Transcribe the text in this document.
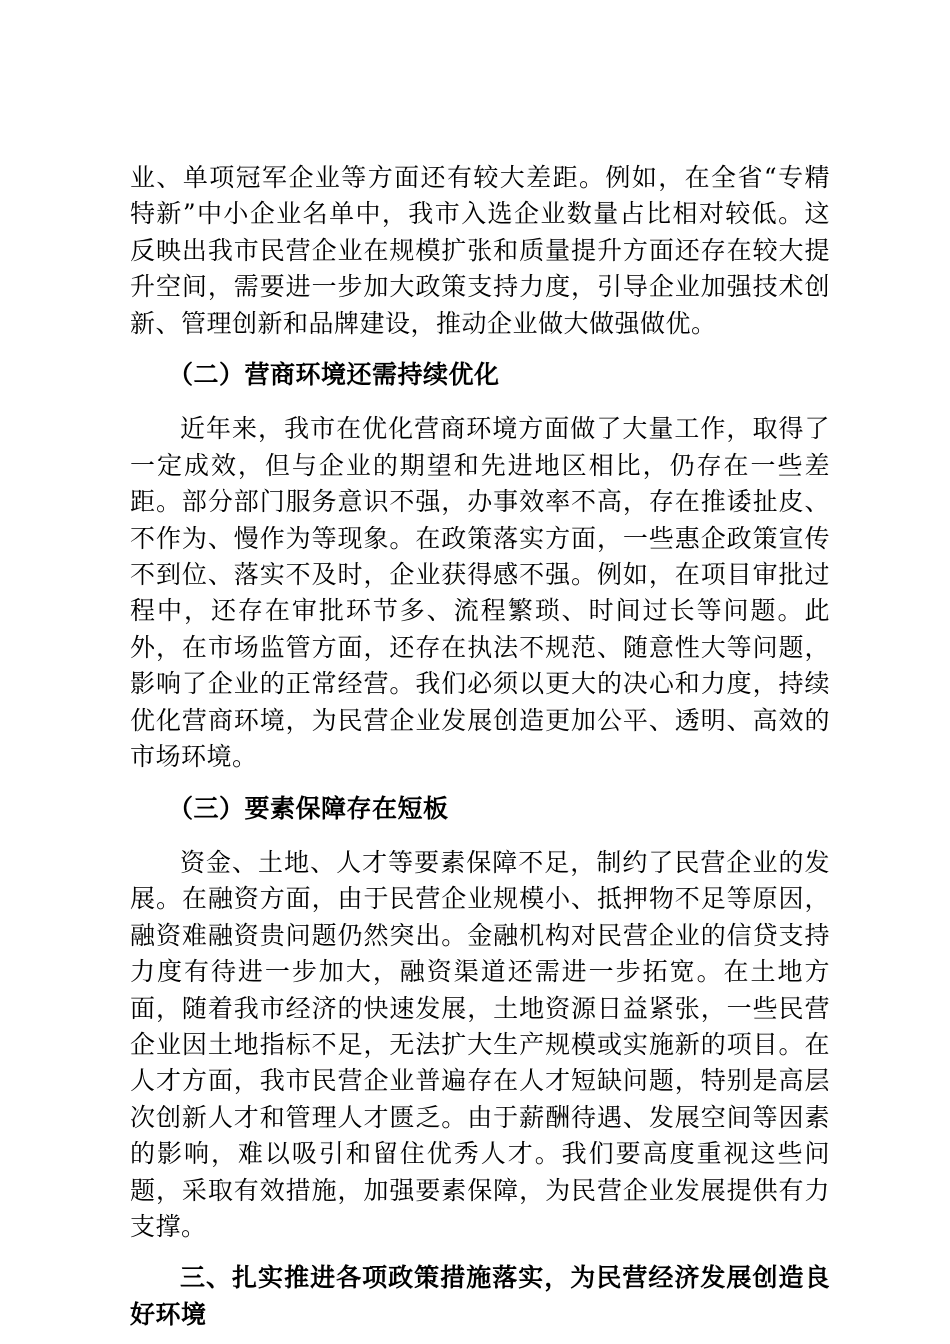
业、单项冠军企业等方面还有较大差距。例如，在全省“专精特新”中小企业名单中，我市入选企业数量占比相对较低。这反映出我市民营企业在规模扩张和质量提升方面还存在较大提升空间，需要进一步加大政策支持力度，引导企业加强技术创新、管理创新和品牌建设，推动企业做大做强做优。

（二）营商环境还需持续优化

近年来，我市在优化营商环境方面做了大量工作，取得了一定成效，但与企业的期望和先进地区相比，仍存在一些差距。部分部门服务意识不强，办事效率不高，存在推诿扯皮、不作为、慢作为等现象。在政策落实方面，一些惠企政策宣传不到位、落实不及时，企业获得感不强。例如，在项目审批过程中，还存在审批环节多、流程繁琐、时间过长等问题。此外，在市场监管方面，还存在执法不规范、随意性大等问题，影响了企业的正常经营。我们必须以更大的决心和力度，持续优化营商环境，为民营企业发展创造更加公平、透明、高效的市场环境。

（三）要素保障存在短板

资金、土地、人才等要素保障不足，制约了民营企业的发展。在融资方面，由于民营企业规模小、抵押物不足等原因，融资难融资贵问题仍然突出。金融机构对民营企业的信贷支持力度有待进一步加大，融资渠道还需进一步拓宽。在土地方面，随着我市经济的快速发展，土地资源日益紧张，一些民营企业因土地指标不足，无法扩大生产规模或实施新的项目。在人才方面，我市民营企业普遍存在人才短缺问题，特别是高层次创新人才和管理人才匮乏。由于薪酬待遇、发展空间等因素的影响，难以吸引和留住优秀人才。我们要高度重视这些问题，采取有效措施，加强要素保障，为民营企业发展提供有力支撑。

三、扎实推进各项政策措施落实，为民营经济发展创造良好环境
